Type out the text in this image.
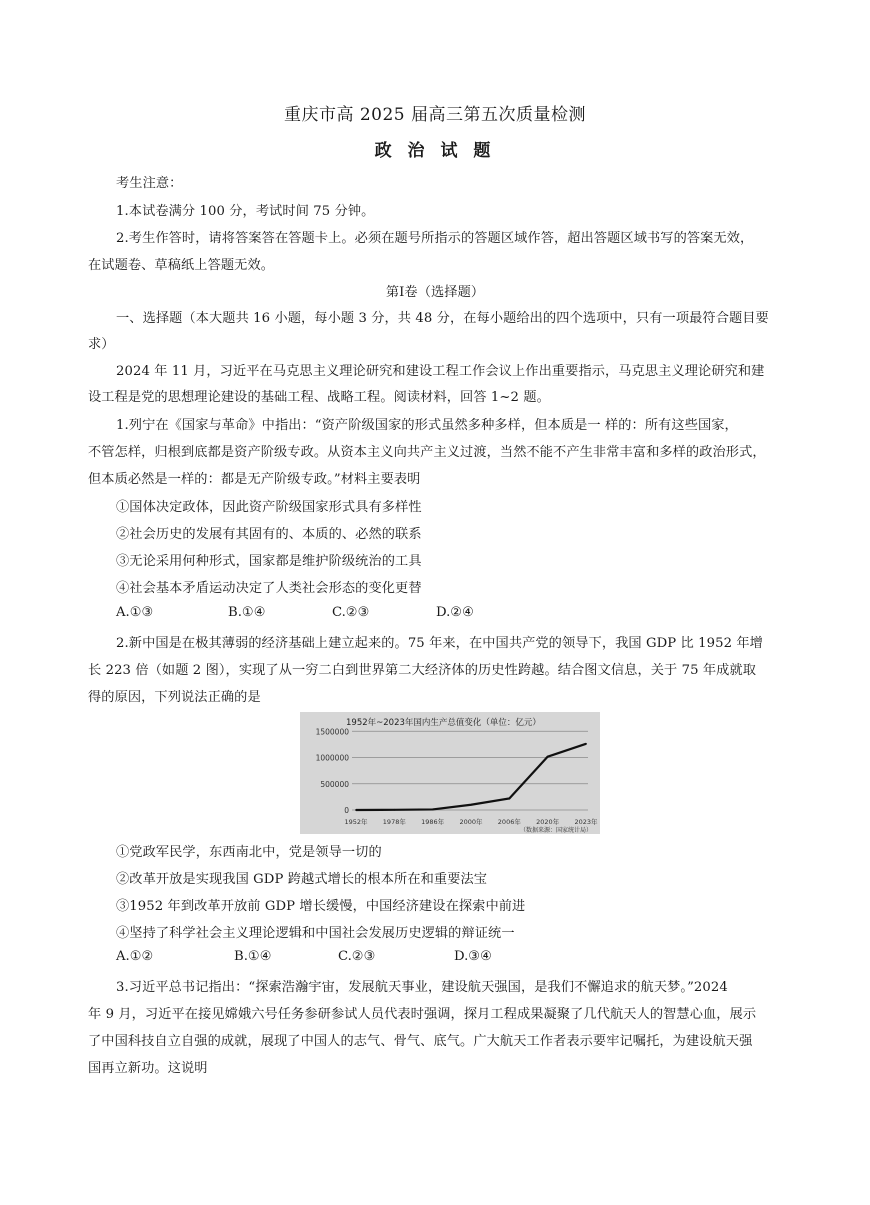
重庆市高 2025 届高三第五次质量检测
政 治 试 题
考生注意：
1.本试卷满分 100 分，考试时间 75 分钟。
2.考生作答时，请将答案答在答题卡上。必须在题号所指示的答题区域作答，超出答题区域书写的答案无效，
在试题卷、草稿纸上答题无效。
第Ⅰ卷（选择题）
一、选择题（本大题共 16 小题，每小题 3 分，共 48 分，在每小题给出的四个选项中，只有一项最符合题目要
求）
2024 年 11 月，习近平在马克思主义理论研究和建设工程工作会议上作出重要指示，马克思主义理论研究和建
设工程是党的思想理论建设的基础工程、战略工程。阅读材料，回答 1~2 题。
1.列宁在《国家与革命》中指出：“资产阶级国家的形式虽然多种多样，但本质是一 样的：所有这些国家，
不管怎样，归根到底都是资产阶级专政。从资本主义向共产主义过渡，当然不能不产生非常丰富和多样的政治形式，
但本质必然是一样的：都是无产阶级专政。”材料主要表明
①国体决定政体，因此资产阶级国家形式具有多样性
②社会历史的发展有其固有的、本质的、必然的联系
③无论采用何种形式，国家都是维护阶级统治的工具
④社会基本矛盾运动决定了人类社会形态的变化更替
A.①③	B.①④	C.②③	D.②④
2.新中国是在极其薄弱的经济基础上建立起来的。75 年来，在中国共产党的领导下，我国 GDP 比 1952 年增
长 223 倍（如题 2 图），实现了从一穷二白到世界第二大经济体的历史性跨越。结合图文信息，关于 75 年成就取
得的原因，下列说法正确的是
1952年~2023年国内生产总值变化（单位：亿元）
1500000
1000000
500000
0
1952年 1978年 1986年 2000年 2006年 2020年 2023年
（数据来源：国家统计局）
①党政军民学，东西南北中，党是领导一切的
②改革开放是实现我国 GDP 跨越式增长的根本所在和重要法宝
③1952 年到改革开放前 GDP 增长缓慢，中国经济建设在探索中前进
④坚持了科学社会主义理论逻辑和中国社会发展历史逻辑的辩证统一
A.①②	B.①④	C.②③	D.③④
3.习近平总书记指出：“探索浩瀚宇宙，发展航天事业，建设航天强国，是我们不懈追求的航天梦。”2024
年 9 月，习近平在接见嫦娥六号任务参研参试人员代表时强调，探月工程成果凝聚了几代航天人的智慧心血，展示
了中国科技自立自强的成就，展现了中国人的志气、骨气、底气。广大航天工作者表示要牢记嘱托，为建设航天强
国再立新功。这说明
